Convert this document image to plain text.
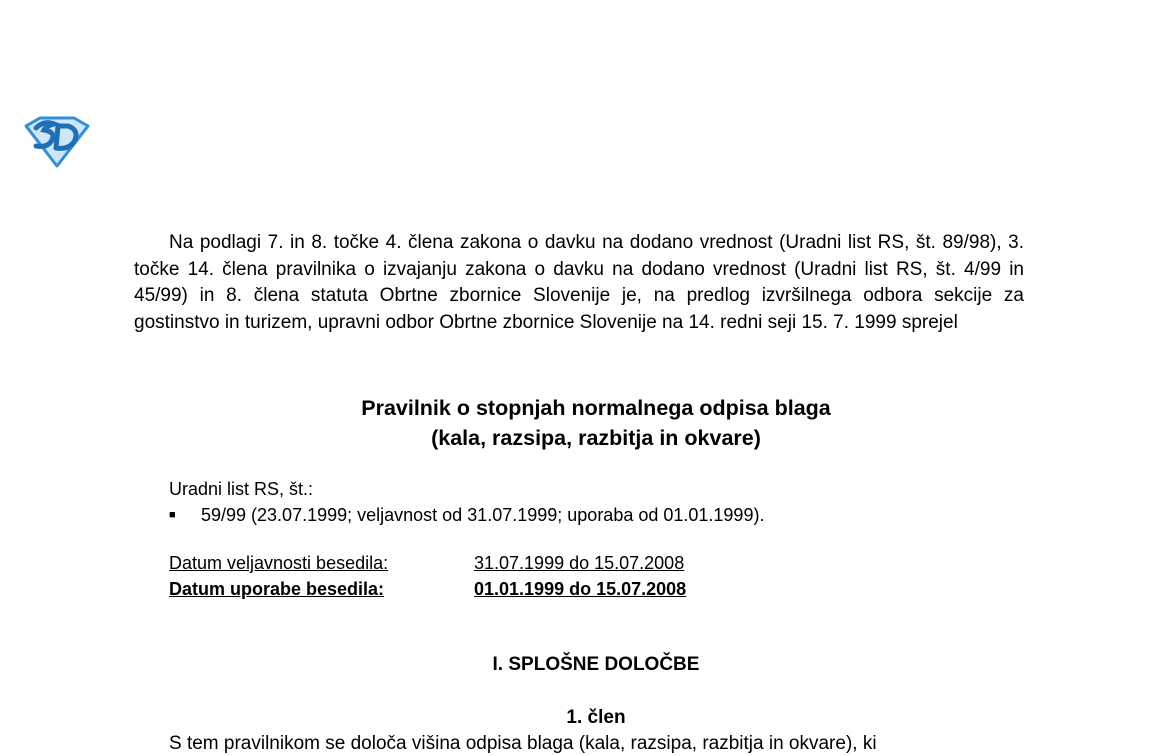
Na podlagi 7. in 8. točke 4. člena zakona o davku na dodano vrednost (Uradni list RS, št. 89/98), 3. točke 14. člena pravilnika o izvajanju zakona o davku na dodano vrednost (Uradni list RS, št. 4/99 in 45/99) in 8. člena statuta Obrtne zbornice Slovenije je, na predlog izvršilnega odbora sekcije za gostinstvo in turizem, upravni odbor Obrtne zbornice Slovenije na 14. redni seji 15. 7. 1999 sprejel

Pravilnik o stopnjah normalnega odpisa blaga
(kala, razsipa, razbitja in okvare)
Uradni list RS, št.:
■ 59/99 (23.07.1999; veljavnost od 31.07.1999; uporaba od 01.01.1999).
Datum veljavnosti besedila:	31.07.1999 do 15.07.2008
Datum uporabe besedila:	01.01.1999 do 15.07.2008
I. SPLOŠNE DOLOČBE
1. člen
S tem pravilnikom se določa višina odpisa blaga (kala, razsipa, razbitja in okvare), ki
